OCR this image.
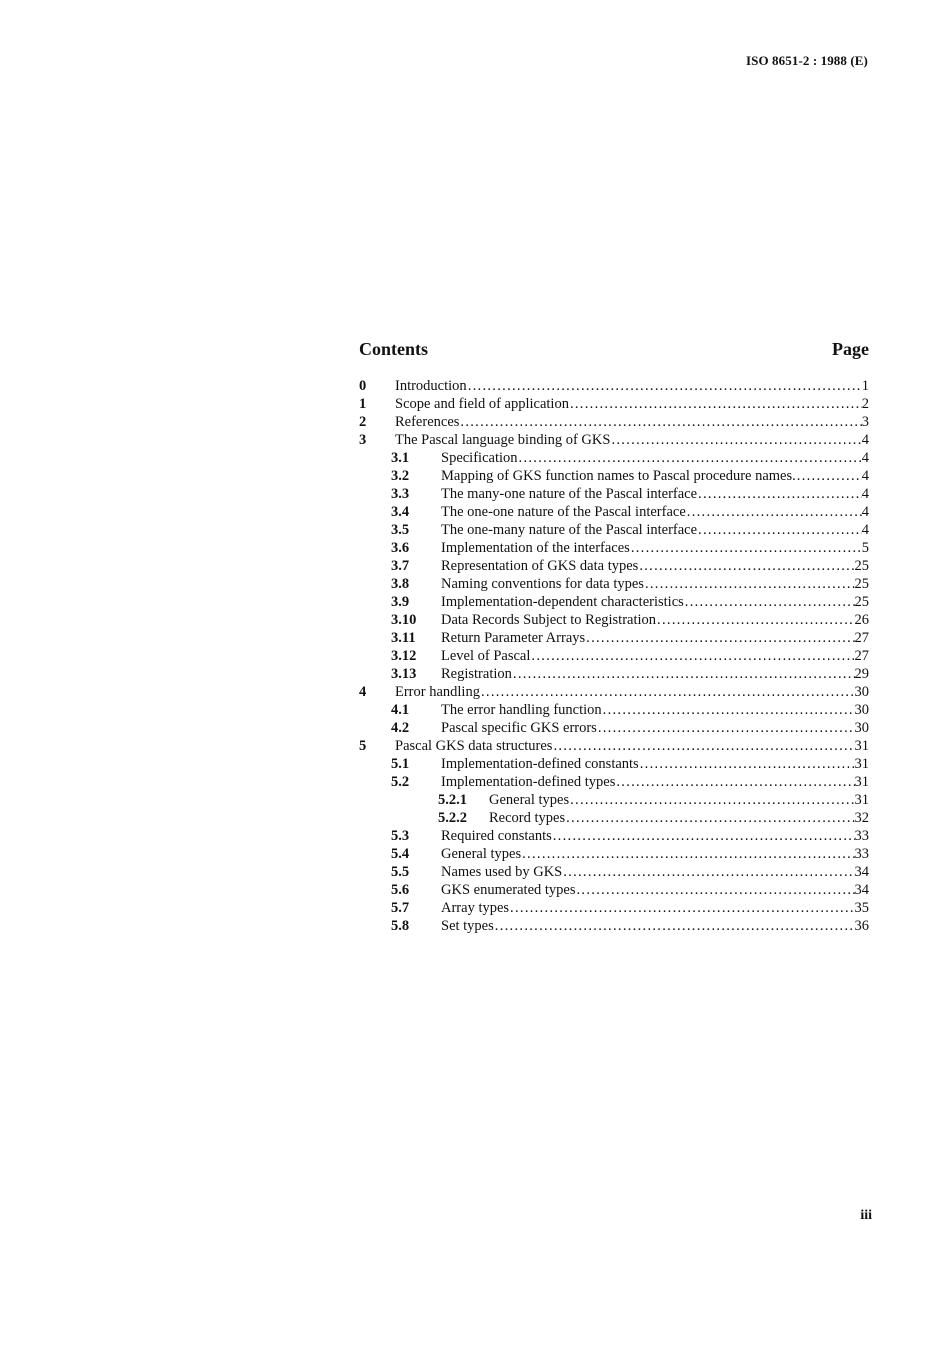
ISO 8651-2 : 1988 (E)
Contents	Page
0 Introduction .....	1
1 Scope and field of application .....	2
2 References .....	3
3 The Pascal language binding of GKS .....	4
3.1 Specification .....	4
3.2 Mapping of GKS function names to Pascal procedure names. .....	4
3.3 The many-one nature of the Pascal interface .....	4
3.4 The one-one nature of the Pascal interface .....	4
3.5 The one-many nature of the Pascal interface .....	4
3.6 Implementation of the interfaces .....	5
3.7 Representation of GKS data types .....	25
3.8 Naming conventions for data types .....	25
3.9 Implementation-dependent characteristics .....	25
3.10 Data Records Subject to Registration .....	26
3.11 Return Parameter Arrays .....	27
3.12 Level of Pascal .....	27
3.13 Registration .....	29
4 Error handling .....	30
4.1 The error handling function .....	30
4.2 Pascal specific GKS errors .....	30
5 Pascal GKS data structures .....	31
5.1 Implementation-defined constants .....	31
5.2 Implementation-defined types .....	31
5.2.1 General types .....	31
5.2.2 Record types .....	32
5.3 Required constants .....	33
5.4 General types .....	33
5.5 Names used by GKS .....	34
5.6 GKS enumerated types .....	34
5.7 Array types .....	35
5.8 Set types .....	36
iii
